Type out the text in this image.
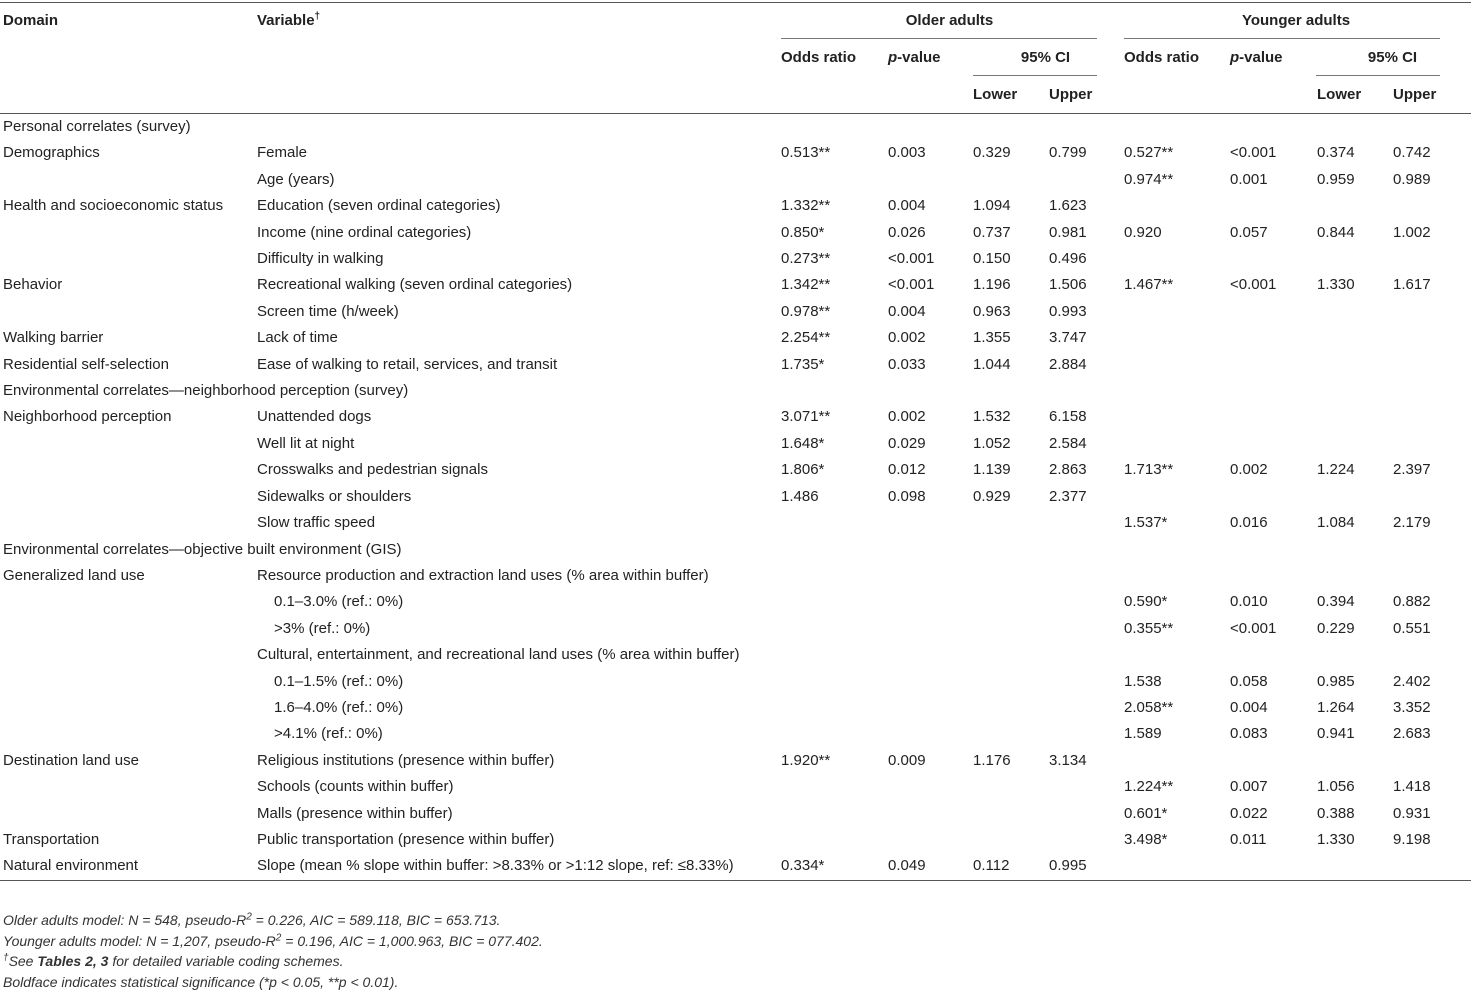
Domain	Variable†	Older adults				Younger adults			
		Odds ratio	p-value	95% CI		Odds ratio	p-value	95% CI	
				Lower	Upper			Lower	Upper
Personal correlates (survey)									
Demographics	Female	0.513**	0.003	0.329	0.799	0.527**	<0.001	0.374	0.742
	Age (years)					0.974**	0.001	0.959	0.989
Health and socioeconomic status	Education (seven ordinal categories)	1.332**	0.004	1.094	1.623				
	Income (nine ordinal categories)	0.850*	0.026	0.737	0.981	0.920	0.057	0.844	1.002
	Difficulty in walking	0.273**	<0.001	0.150	0.496				
Behavior	Recreational walking (seven ordinal categories)	1.342**	<0.001	1.196	1.506	1.467**	<0.001	1.330	1.617
	Screen time (h/week)	0.978**	0.004	0.963	0.993				
Walking barrier	Lack of time	2.254**	0.002	1.355	3.747				
Residential self-selection	Ease of walking to retail, services, and transit	1.735*	0.033	1.044	2.884				
Environmental correlates—neighborhood perception (survey)									
Neighborhood perception	Unattended dogs	3.071**	0.002	1.532	6.158				
	Well lit at night	1.648*	0.029	1.052	2.584				
	Crosswalks and pedestrian signals	1.806*	0.012	1.139	2.863	1.713**	0.002	1.224	2.397
	Sidewalks or shoulders	1.486	0.098	0.929	2.377				
	Slow traffic speed					1.537*	0.016	1.084	2.179
Environmental correlates—objective built environment (GIS)									
Generalized land use	Resource production and extraction land uses (% area within buffer)								
	0.1–3.0% (ref.: 0%)					0.590*	0.010	0.394	0.882
	>3% (ref.: 0%)					0.355**	<0.001	0.229	0.551
	Cultural, entertainment, and recreational land uses (% area within buffer)								
	0.1–1.5% (ref.: 0%)					1.538	0.058	0.985	2.402
	1.6–4.0% (ref.: 0%)					2.058**	0.004	1.264	3.352
	>4.1% (ref.: 0%)					1.589	0.083	0.941	2.683
Destination land use	Religious institutions (presence within buffer)	1.920**	0.009	1.176	3.134				
	Schools (counts within buffer)					1.224**	0.007	1.056	1.418
	Malls (presence within buffer)					0.601*	0.022	0.388	0.931
Transportation	Public transportation (presence within buffer)					3.498*	0.011	1.330	9.198
Natural environment	Slope (mean % slope within buffer: >8.33% or >1:12 slope, ref: ≤8.33%)	0.334*	0.049	0.112	0.995				
Older adults model: N = 548, pseudo-$R^2 = 0.226$, AIC = 589.118, BIC = 653.713.
Younger adults model: N = 1,207, pseudo-$R^2 = 0.196$, AIC = 1,000.963, BIC = 077.402.
†See Tables 2, 3 for detailed variable coding schemes.
Boldface indicates statistical significance (*p < 0.05, **p < 0.01).
